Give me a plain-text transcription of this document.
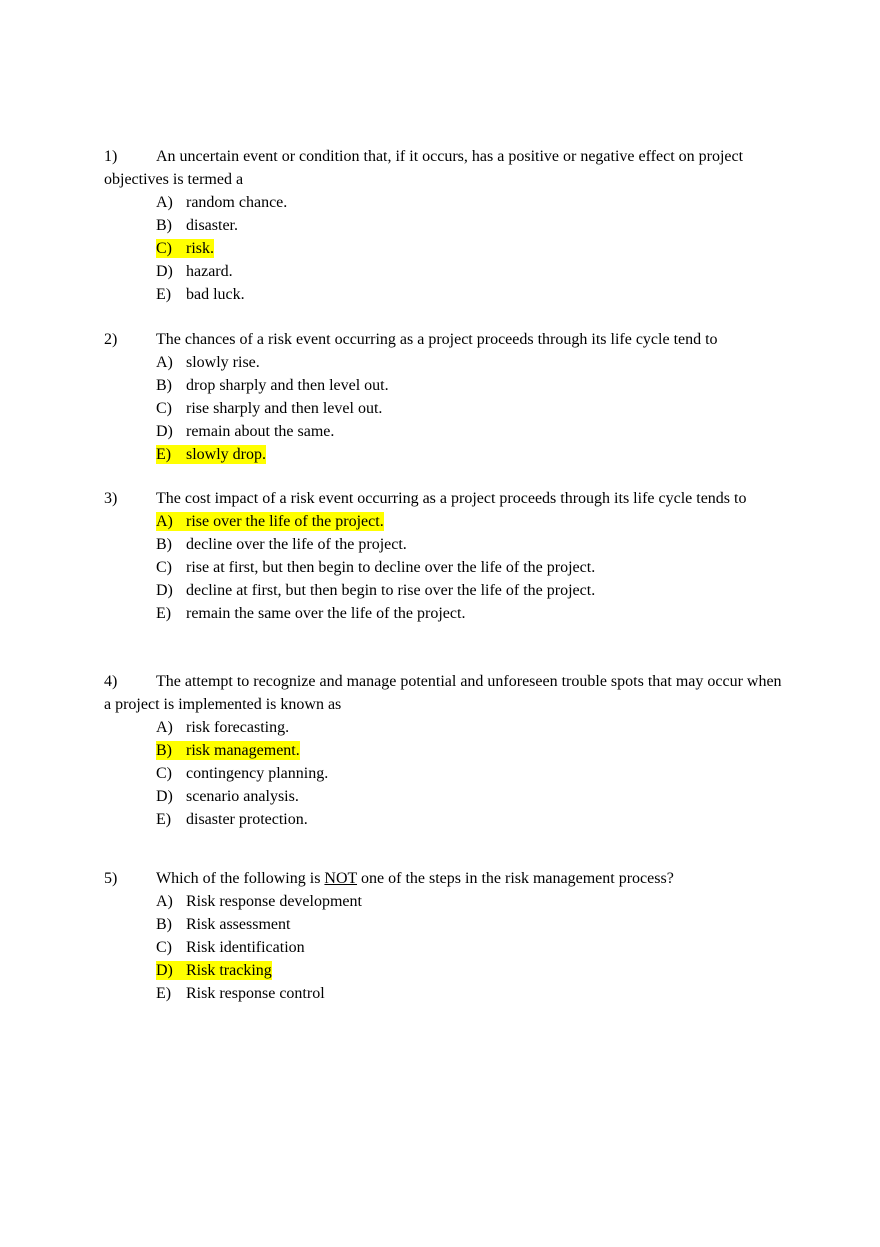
1) An uncertain event or condition that, if it occurs, has a positive or negative effect on project objectives is termed a

A) random chance.
B) disaster.
C) risk.
D) hazard.
E) bad luck.

2) The chances of a risk event occurring as a project proceeds through its life cycle tend to

A) slowly rise.
B) drop sharply and then level out.
C) rise sharply and then level out.
D) remain about the same.
E) slowly drop.

3) The cost impact of a risk event occurring as a project proceeds through its life cycle tends to

A) rise over the life of the project.
B) decline over the life of the project.
C) rise at first, but then begin to decline over the life of the project.
D) decline at first, but then begin to rise over the life of the project.
E) remain the same over the life of the project.

4) The attempt to recognize and manage potential and unforeseen trouble spots that may occur when a project is implemented is known as

A) risk forecasting.
B) risk management.
C) contingency planning.
D) scenario analysis.
E) disaster protection.

5) Which of the following is NOT one of the steps in the risk management process?

A) Risk response development
B) Risk assessment
C) Risk identification
D) Risk tracking
E) Risk response control
